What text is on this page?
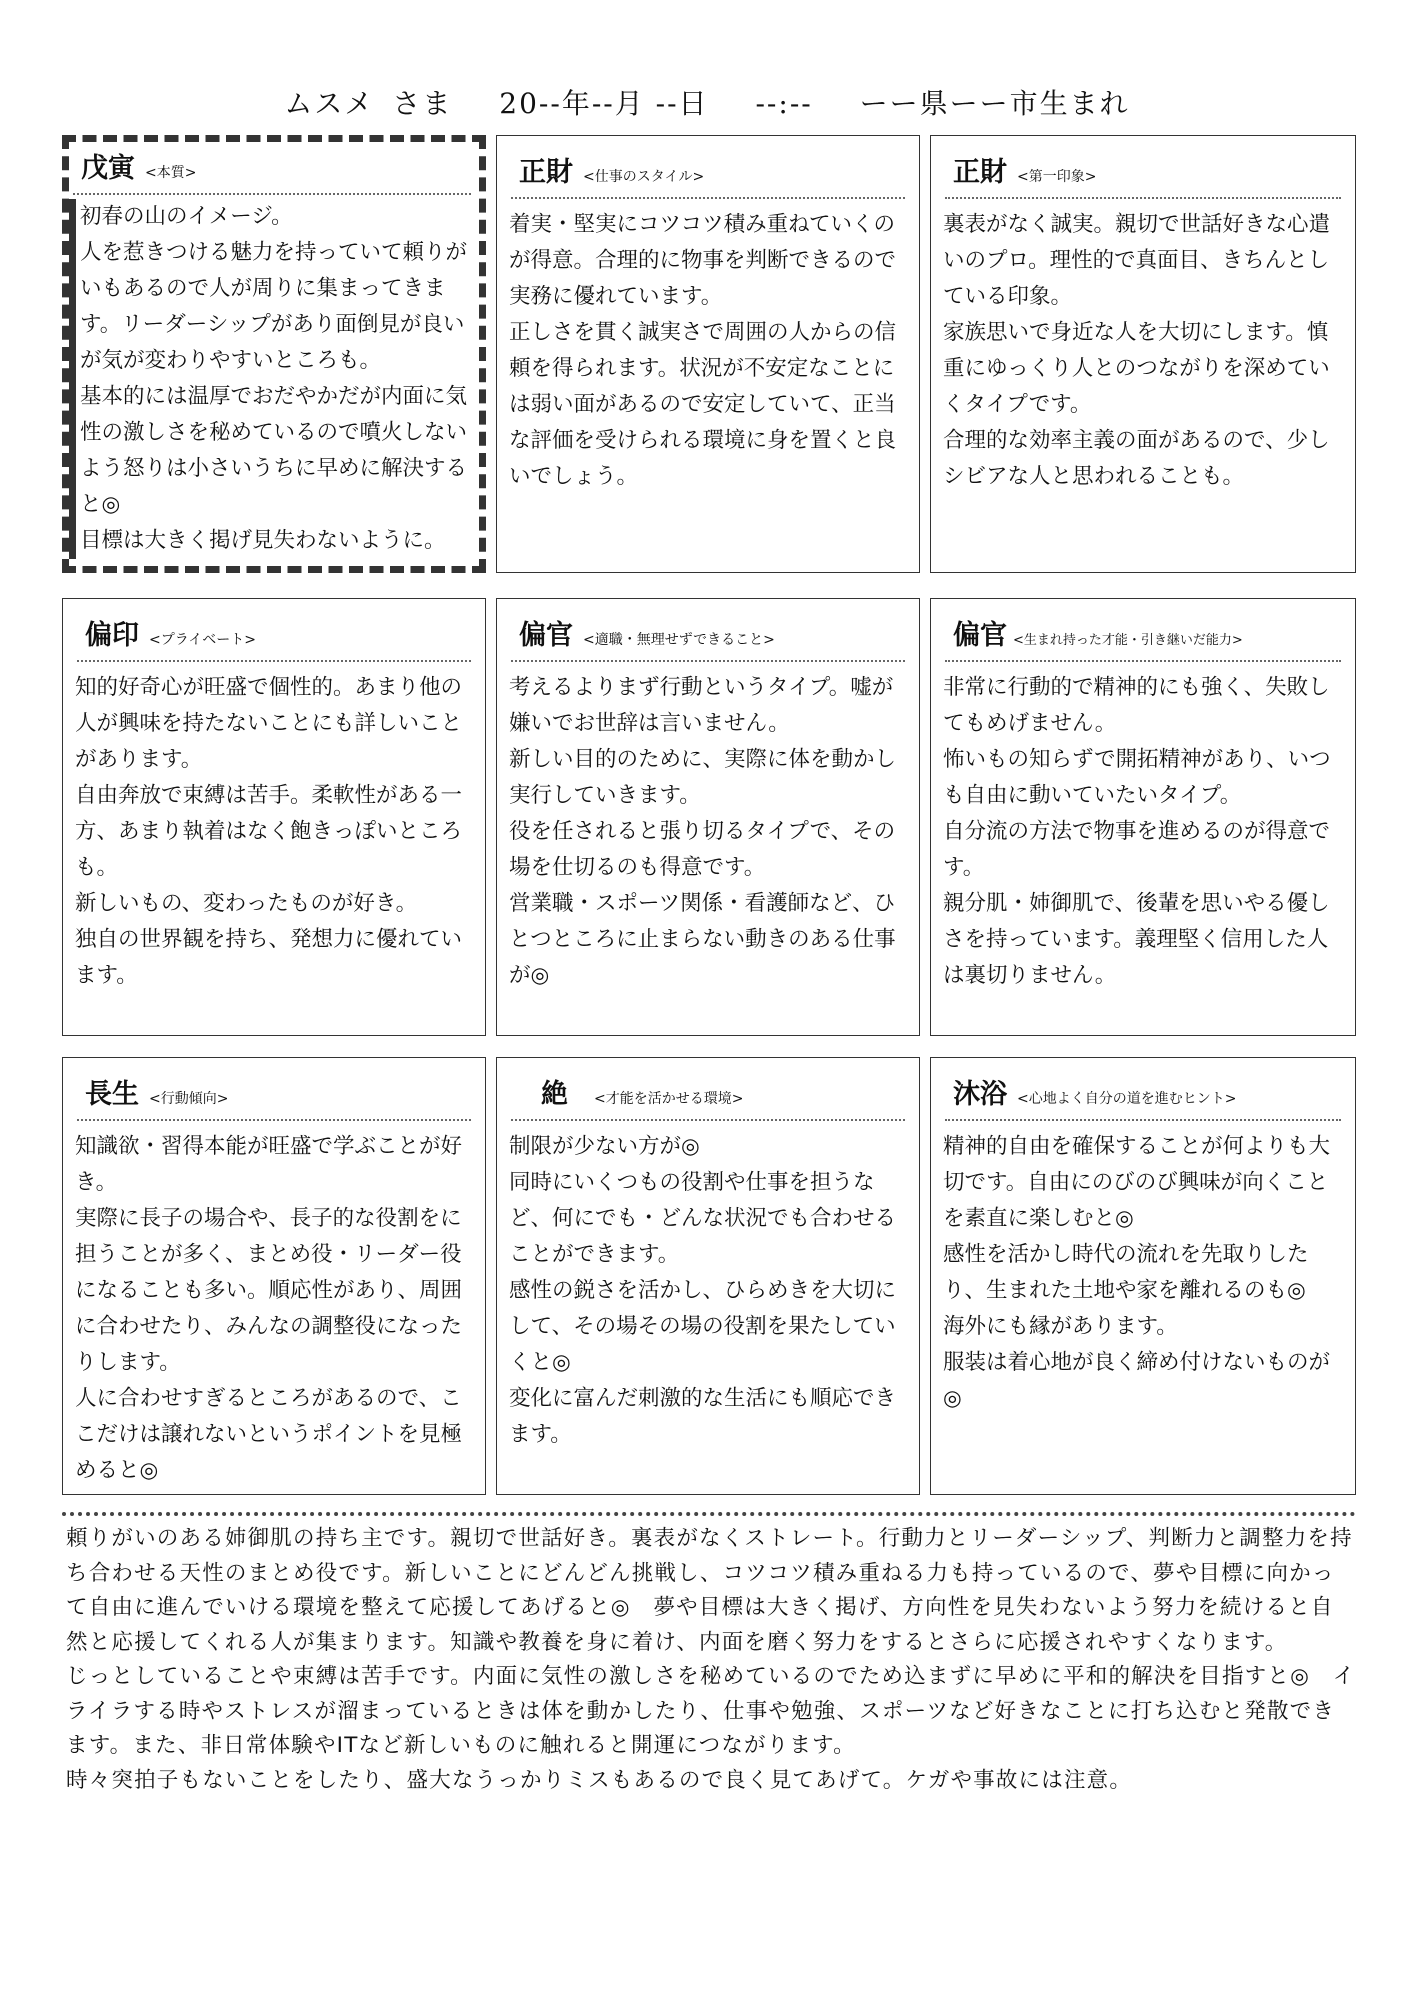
ムスメ さま 20--年--月 --日 --:-- ーー県ーー市生まれ
戊寅 <本質>

初春の山のイメージ。

人を惹きつける魅力を持っていて頼りがいもあるので人が周りに集まってきます。リーダーシップがあり面倒見が良いが気が変わりやすいところも。

基本的には温厚でおだやかだが内面に気性の激しさを秘めているので噴火しないよう怒りは小さいうちに早めに解決すると◎

目標は大きく掲げ見失わないように。

正財 <仕事のスタイル>

着実・堅実にコツコツ積み重ねていくのが得意。合理的に物事を判断できるので実務に優れています。

正しさを貫く誠実さで周囲の人からの信頼を得られます。状況が不安定なことには弱い面があるので安定していて、正当な評価を受けられる環境に身を置くと良いでしょう。

正財 <第一印象>

裏表がなく誠実。親切で世話好きな心遣いのプロ。理性的で真面目、きちんとしている印象。

家族思いで身近な人を大切にします。慎重にゆっくり人とのつながりを深めていくタイプです。

合理的な効率主義の面があるので、少しシビアな人と思われることも。

偏印 <プライベート>

知的好奇心が旺盛で個性的。あまり他の人が興味を持たないことにも詳しいことがあります。

自由奔放で束縛は苦手。柔軟性がある一方、あまり執着はなく飽きっぽいところも。

新しいもの、変わったものが好き。

独自の世界観を持ち、発想力に優れています。

偏官 <適職・無理せずできること>

考えるよりまず行動というタイプ。嘘が嫌いでお世辞は言いません。

新しい目的のために、実際に体を動かし実行していきます。

役を任されると張り切るタイプで、その場を仕切るのも得意です。

営業職・スポーツ関係・看護師など、ひとつところに止まらない動きのある仕事が◎

偏官 <生まれ持った才能・引き継いだ能力>

非常に行動的で精神的にも強く、失敗してもめげません。

怖いもの知らずで開拓精神があり、いつも自由に動いていたいタイプ。

自分流の方法で物事を進めるのが得意です。

親分肌・姉御肌で、後輩を思いやる優しさを持っています。義理堅く信用した人は裏切りません。

長生 <行動傾向>

知識欲・習得本能が旺盛で学ぶことが好き。

実際に長子の場合や、長子的な役割をに担うことが多く、まとめ役・リーダー役になることも多い。順応性があり、周囲に合わせたり、みんなの調整役になったりします。

人に合わせすぎるところがあるので、ここだけは譲れないというポイントを見極めると◎

絶 <才能を活かせる環境>

制限が少ない方が◎

同時にいくつもの役割や仕事を担うなど、何にでも・どんな状況でも合わせることができます。

感性の鋭さを活かし、ひらめきを大切にして、その場その場の役割を果たしていくと◎

変化に富んだ刺激的な生活にも順応できます。

沐浴 <心地よく自分の道を進むヒント>

精神的自由を確保することが何よりも大切です。自由にのびのび興味が向くことを素直に楽しむと◎

感性を活かし時代の流れを先取りしたり、生まれた土地や家を離れるのも◎　海外にも縁があります。

服装は着心地が良く締め付けないものが◎

頼りがいのある姉御肌の持ち主です。親切で世話好き。裏表がなくストレート。行動力とリーダーシップ、判断力と調整力を持ち合わせる天性のまとめ役です。新しいことにどんどん挑戦し、コツコツ積み重ねる力も持っているので、夢や目標に向かって自由に進んでいける環境を整えて応援してあげると◎　夢や目標は大きく掲げ、方向性を見失わないよう努力を続けると自然と応援してくれる人が集まります。知識や教養を身に着け、内面を磨く努力をするとさらに応援されやすくなります。

じっとしていることや束縛は苦手です。内面に気性の激しさを秘めているのでため込まずに早めに平和的解決を目指すと◎　イライラする時やストレスが溜まっているときは体を動かしたり、仕事や勉強、スポーツなど好きなことに打ち込むと発散できます。また、非日常体験やITなど新しいものに触れると開運につながります。

時々突拍子もないことをしたり、盛大なうっかりミスもあるので良く見てあげて。ケガや事故には注意。
